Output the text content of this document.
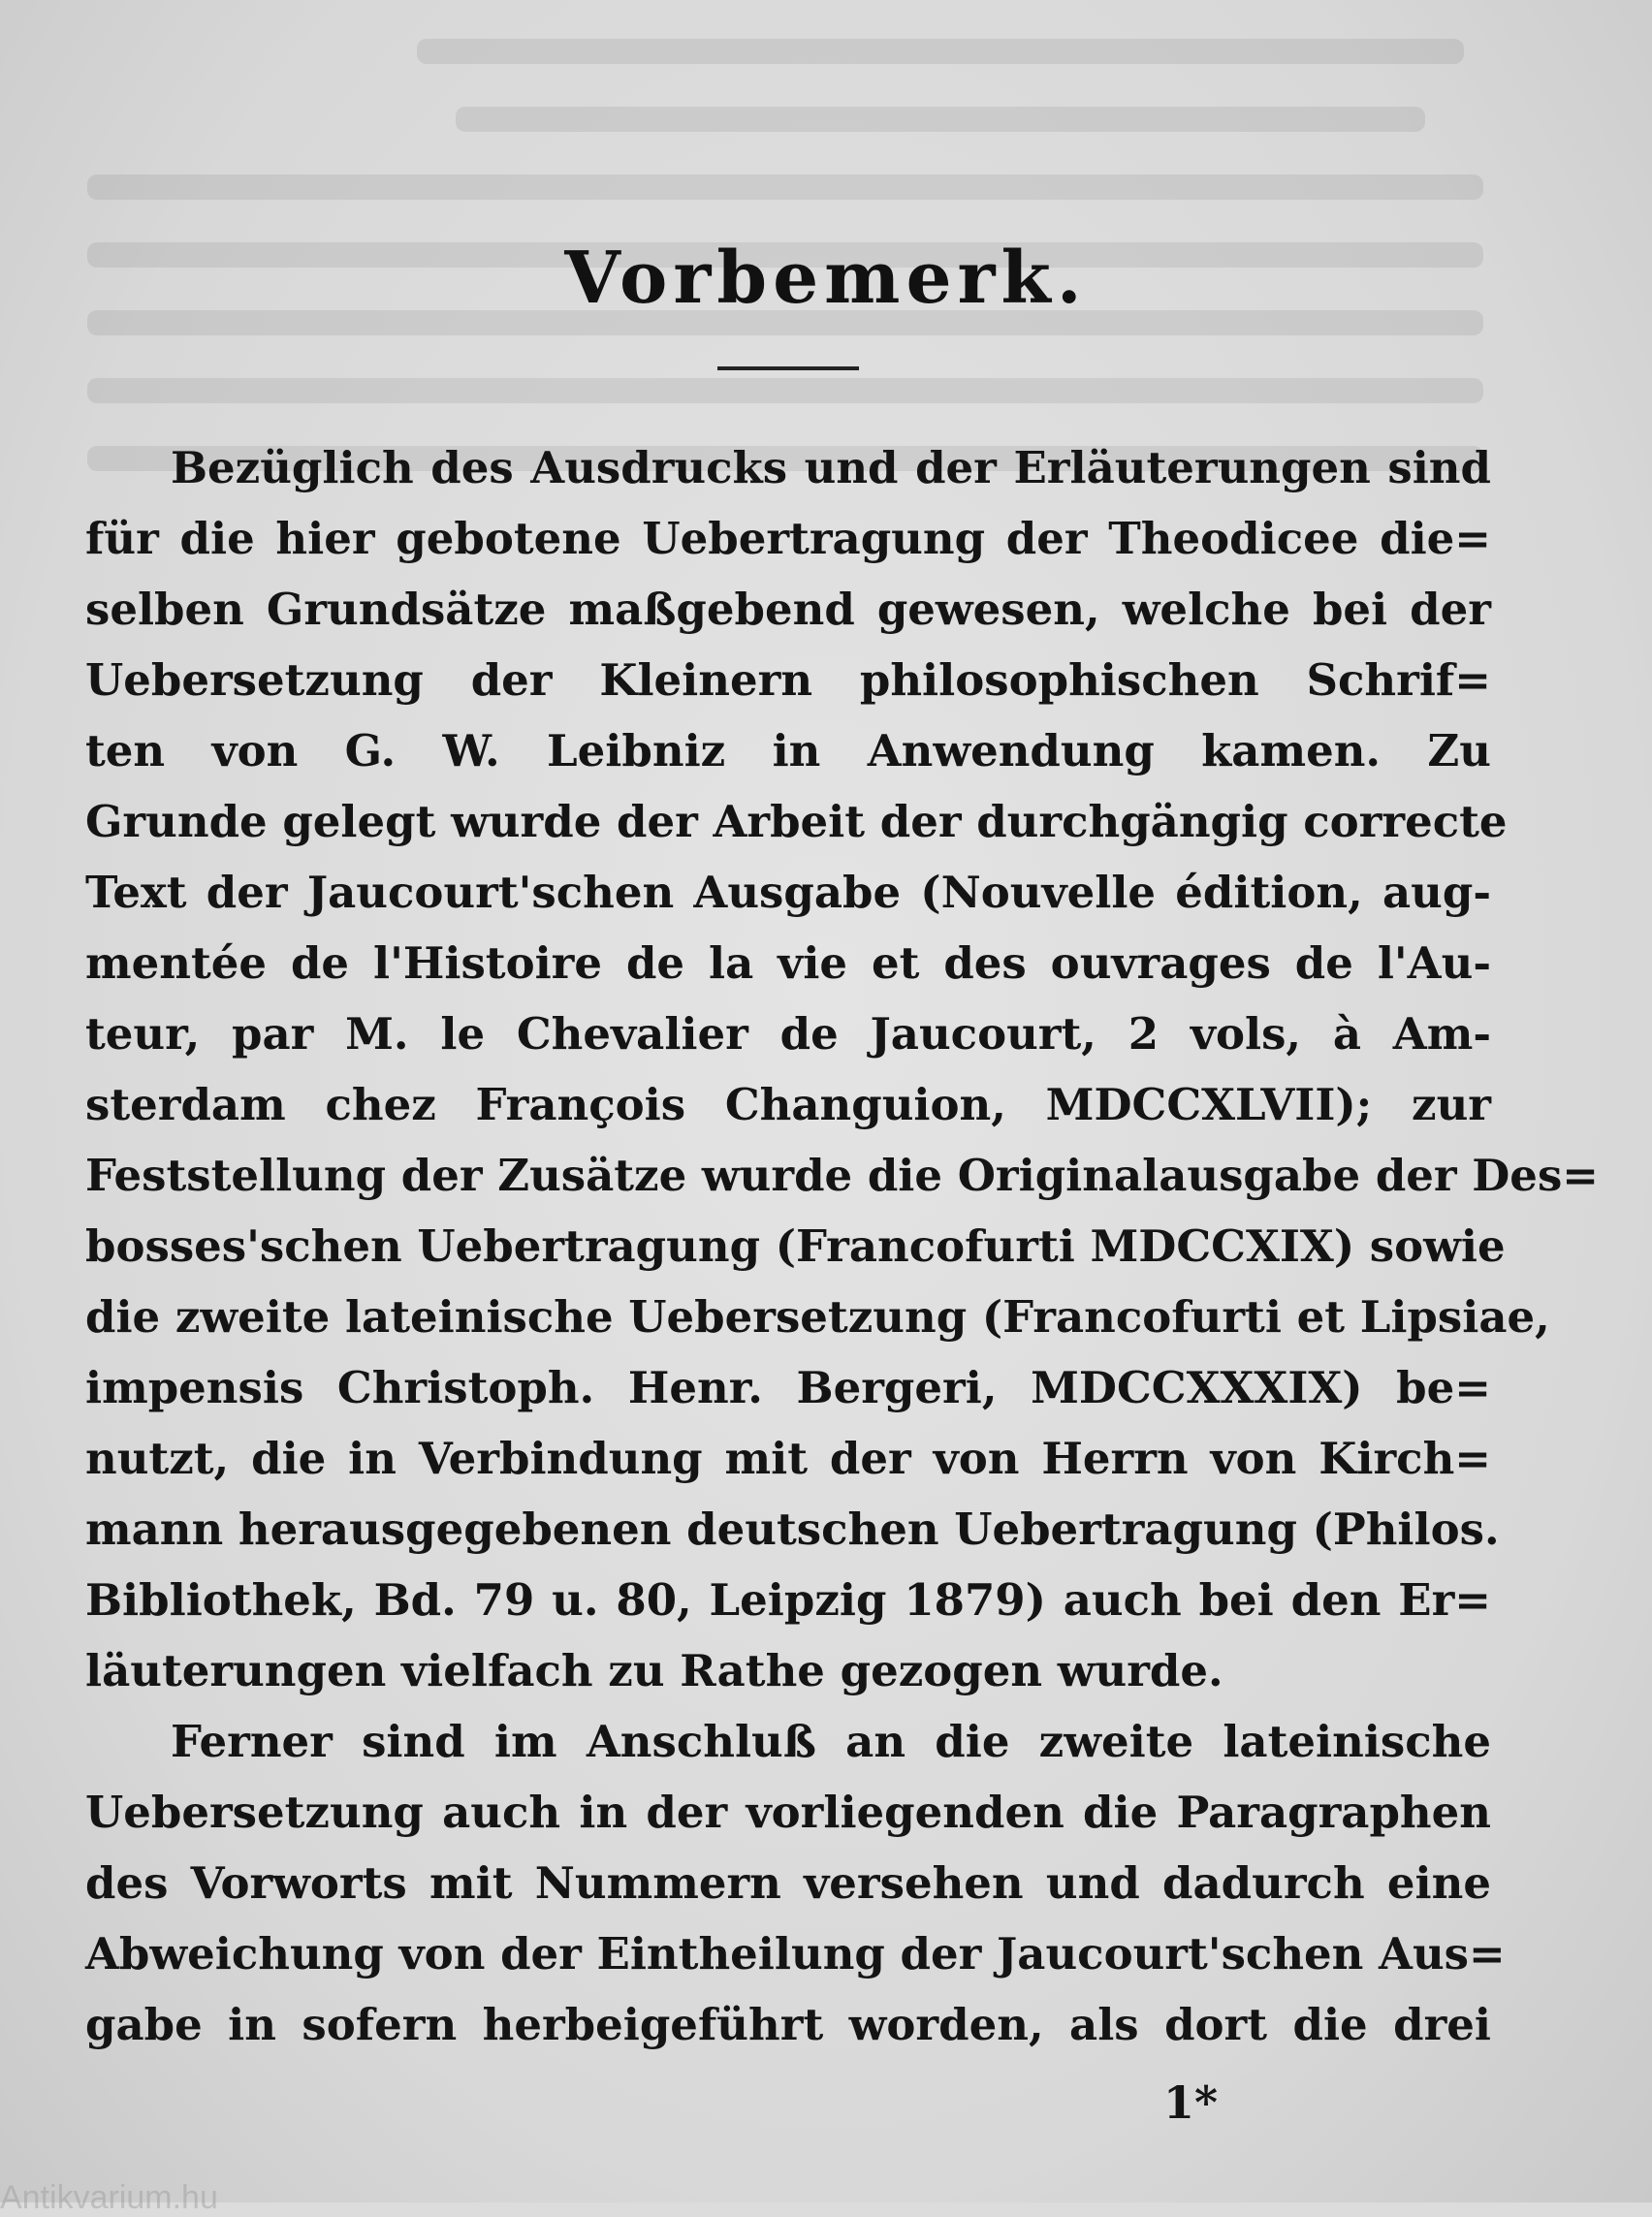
Vorbemerk.
Bezüglich des Ausdrucks und der Erläuterungen sind
für die hier gebotene Uebertragung der Theodicee die=
selben Grundsätze maßgebend gewesen, welche bei der
Uebersetzung der Kleinern philosophischen Schrif=
ten von G. W. Leibniz in Anwendung kamen. Zu
Grunde gelegt wurde der Arbeit der durchgängig correcte
Text der Jaucourt'schen Ausgabe (Nouvelle édition, aug-
mentée de l'Histoire de la vie et des ouvrages de l'Au-
teur, par M. le Chevalier de Jaucourt, 2 vols, à Am-
sterdam chez François Changuion, MDCCXLVII); zur
Feststellung der Zusätze wurde die Originalausgabe der Des=
bosses'schen Uebertragung (Francofurti MDCCXIX) sowie
die zweite lateinische Uebersetzung (Francofurti et Lipsiae,
impensis Christoph. Henr. Bergeri, MDCCXXXIX) be=
nutzt, die in Verbindung mit der von Herrn von Kirch=
mann herausgegebenen deutschen Uebertragung (Philos.
Bibliothek, Bd. 79 u. 80, Leipzig 1879) auch bei den Er=
läuterungen vielfach zu Rathe gezogen wurde.
Ferner sind im Anschluß an die zweite lateinische
Uebersetzung auch in der vorliegenden die Paragraphen
des Vorworts mit Nummern versehen und dadurch eine
Abweichung von der Eintheilung der Jaucourt'schen Aus=
gabe in sofern herbeigeführt worden, als dort die drei
1*
Antikvarium.hu
